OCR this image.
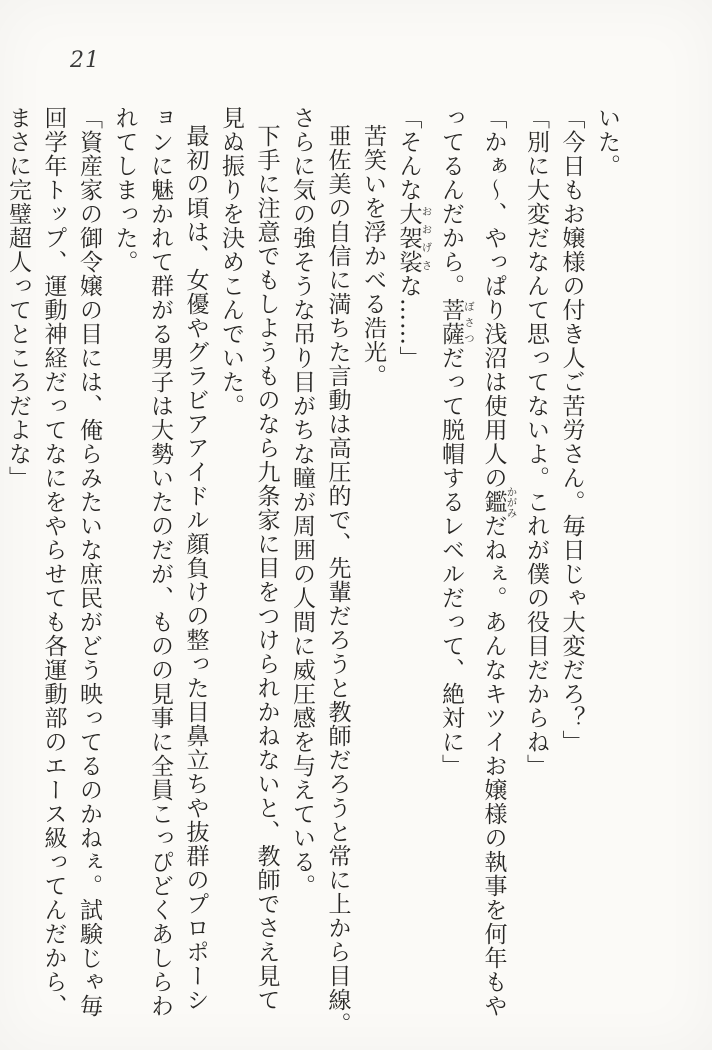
21

いた。

「今日もお嬢様の付き人ご苦労さん。毎日じゃ大変だろ？」

「別に大変だなんて思ってないよ。これが僕の役目だからね」

「かぁ～、やっぱり浅沼は使用人の鑑 かがみだねぇ。あんなキツイお嬢様の執事を何年もや

ってるんだから。菩薩 ぼさつだって脱帽するレベルだって、絶対に」

「そんな大袈裟 おおげさな……」

苦笑いを浮かべる浩光。

亜佐美の自信に満ちた言動は高圧的で、先輩だろうと教師だろうと常に上から目線。

さらに気の強そうな吊り目がちな瞳が周囲の人間に威圧感を与えている。

下手に注意でもしようものなら九条家に目をつけられかねないと、教師でさえ見て

見ぬ振りを決めこんでいた。

最初の頃は、女優やグラビアアイドル顔負けの整った目鼻立ちや抜群のプロポーシ

ョンに魅かれて群がる男子は大勢いたのだが、ものの見事に全員こっぴどくあしらわ

れてしまった。

「資産家の御令嬢の目には、俺らみたいな庶民がどう映ってるのかねぇ。試験じゃ毎

回学年トップ、運動神経だってなにをやらせても各運動部のエース級ってんだから、

まさに完璧超人ってところだよな」
